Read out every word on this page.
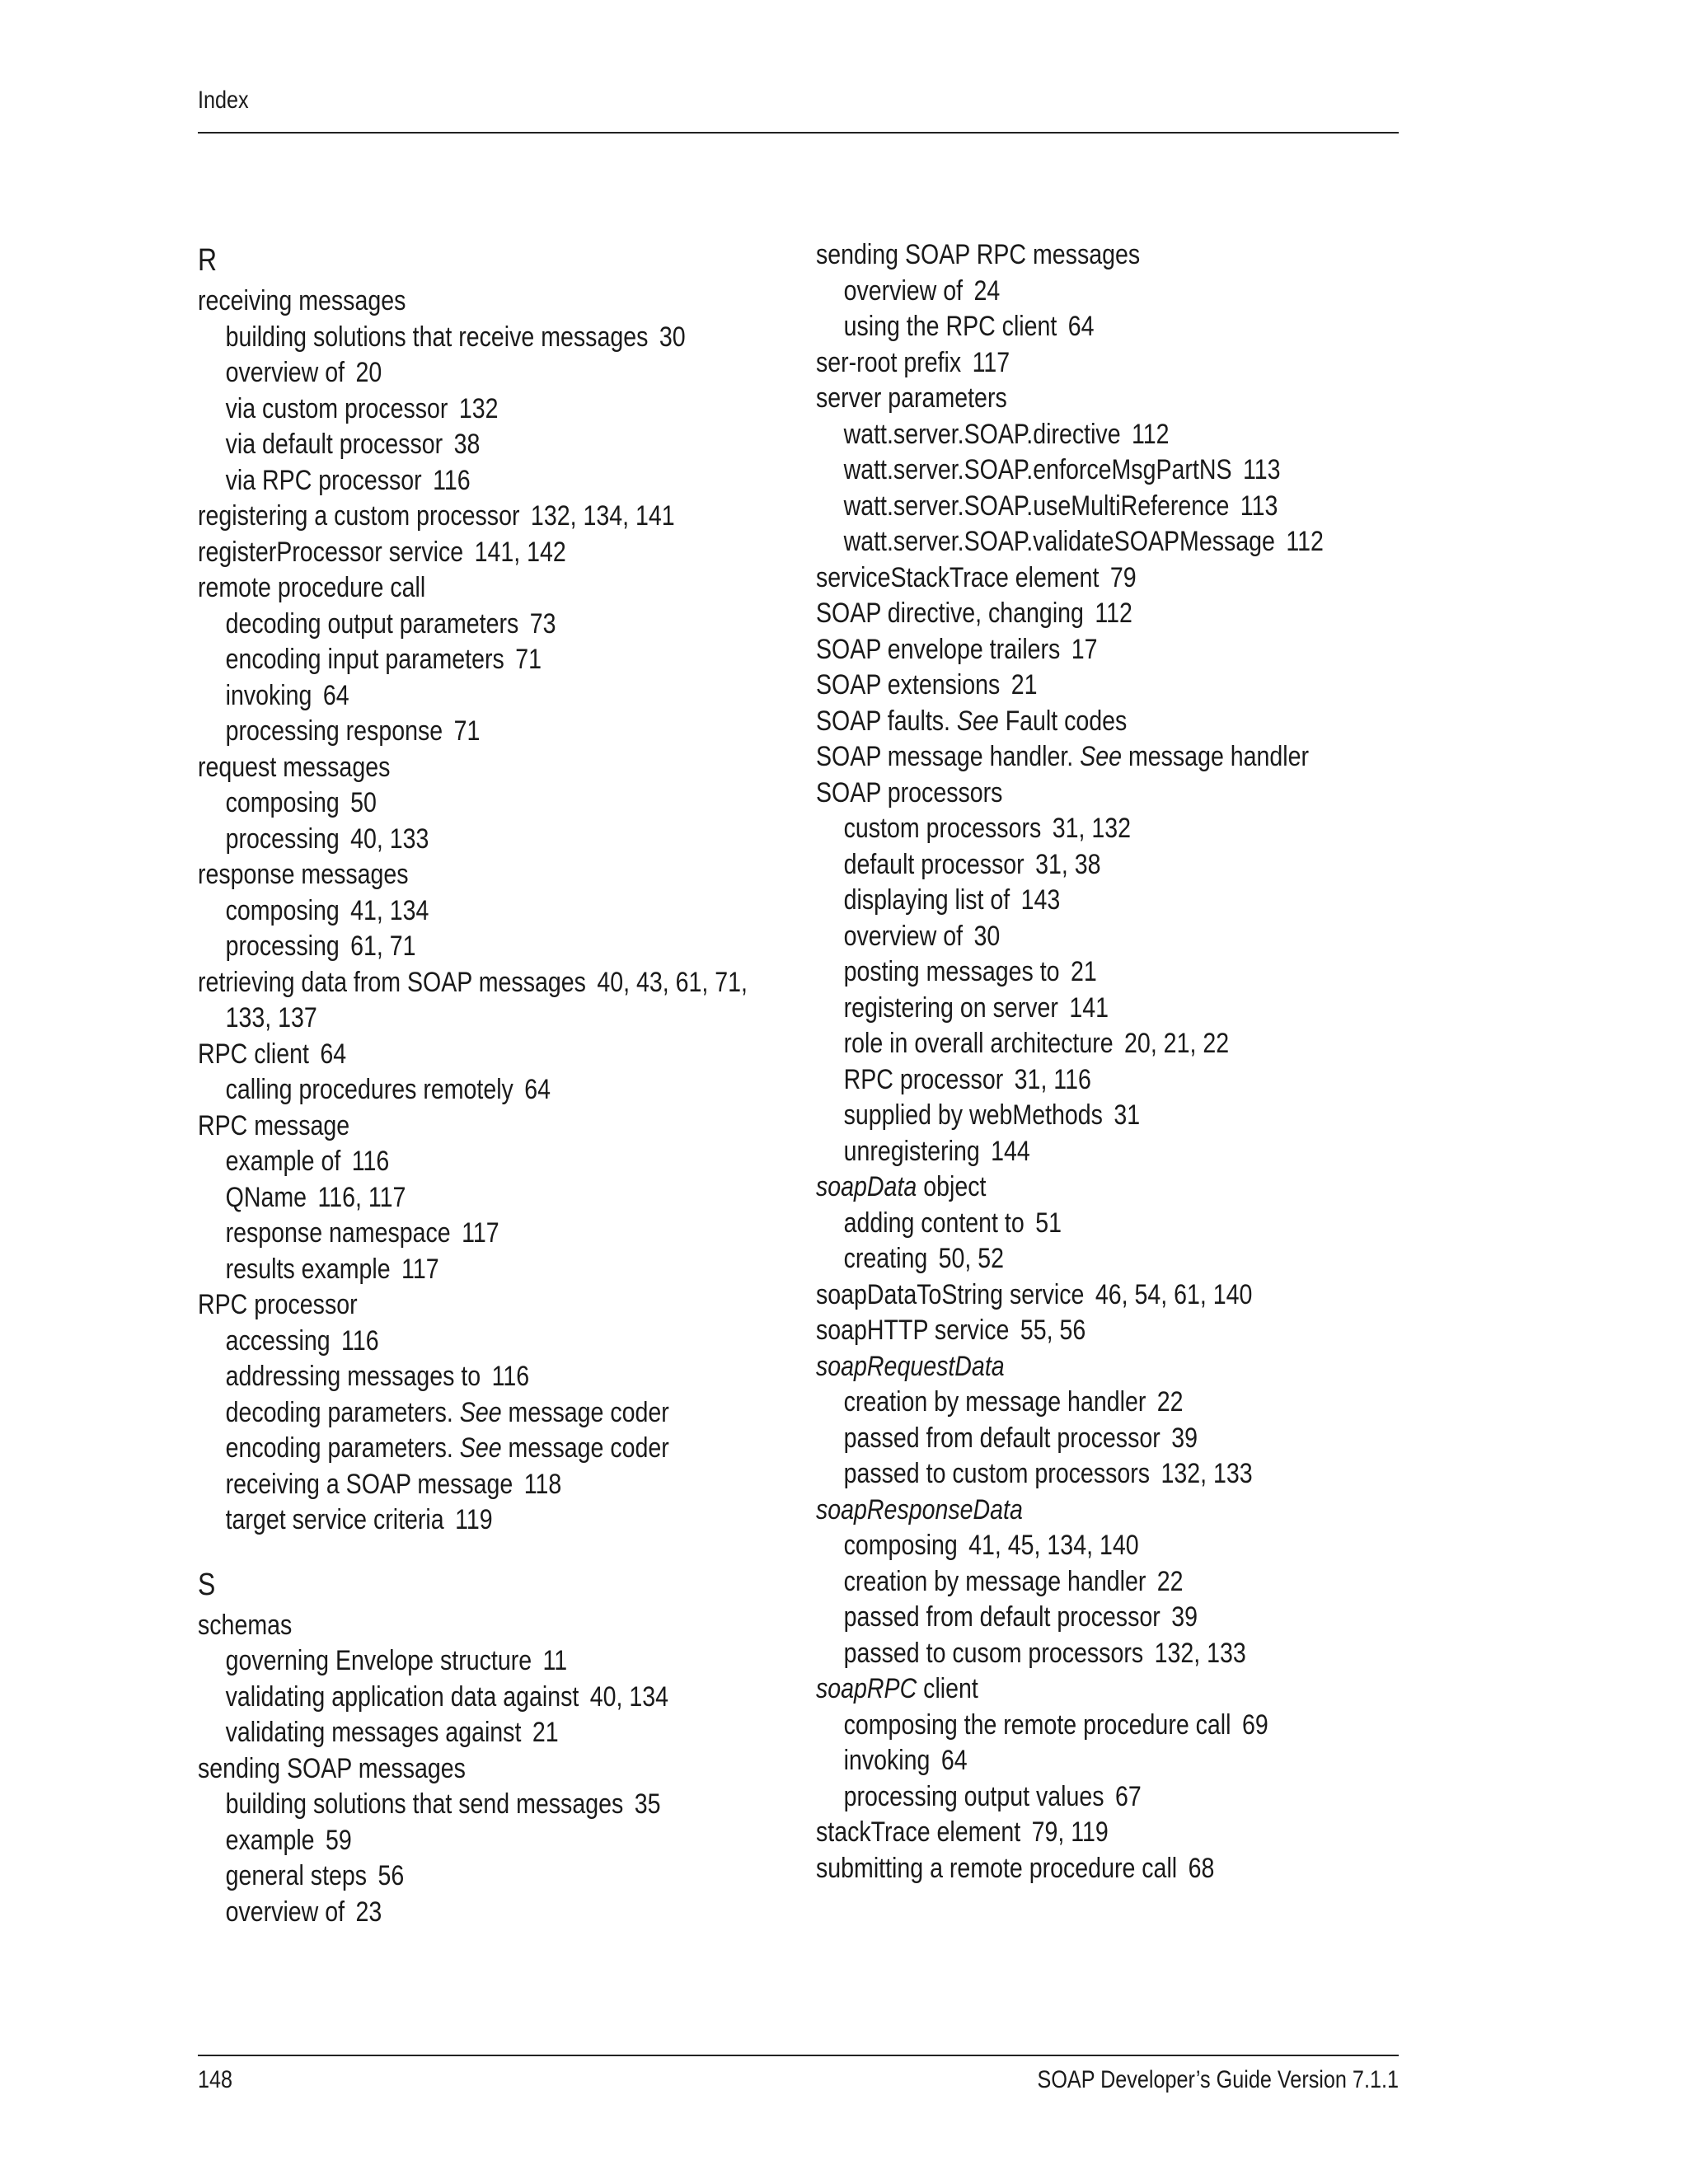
Index
R
receiving messages
building solutions that receive messages 30
overview of 20
via custom processor 132
via default processor 38
via RPC processor 116
registering a custom processor 132, 134, 141
registerProcessor service 141, 142
remote procedure call
decoding output parameters 73
encoding input parameters 71
invoking 64
processing response 71
request messages
composing 50
processing 40, 133
response messages
composing 41, 134
processing 61, 71
retrieving data from SOAP messages 40, 43, 61, 71,
133, 137
RPC client 64
calling procedures remotely 64
RPC message
example of 116
QName 116, 117
response namespace 117
results example 117
RPC processor
accessing 116
addressing messages to 116
decoding parameters. See message coder
encoding parameters. See message coder
receiving a SOAP message 118
target service criteria 119
S
schemas
governing Envelope structure 11
validating application data against 40, 134
validating messages against 21
sending SOAP messages
building solutions that send messages 35
example 59
general steps 56
overview of 23
sending SOAP RPC messages
overview of 24
using the RPC client 64
ser-root prefix 117
server parameters
watt.server.SOAP.directive 112
watt.server.SOAP.enforceMsgPartNS 113
watt.server.SOAP.useMultiReference 113
watt.server.SOAP.validateSOAPMessage 112
serviceStackTrace element 79
SOAP directive, changing 112
SOAP envelope trailers 17
SOAP extensions 21
SOAP faults. See Fault codes
SOAP message handler. See message handler
SOAP processors
custom processors 31, 132
default processor 31, 38
displaying list of 143
overview of 30
posting messages to 21
registering on server 141
role in overall architecture 20, 21, 22
RPC processor 31, 116
supplied by webMethods 31
unregistering 144
soapData object
adding content to 51
creating 50, 52
soapDataToString service 46, 54, 61, 140
soapHTTP service 55, 56
soapRequestData
creation by message handler 22
passed from default processor 39
passed to custom processors 132, 133
soapResponseData
composing 41, 45, 134, 140
creation by message handler 22
passed from default processor 39
passed to cusom processors 132, 133
soapRPC client
composing the remote procedure call 69
invoking 64
processing output values 67
stackTrace element 79, 119
submitting a remote procedure call 68
148	SOAP Developer’s Guide Version 7.1.1
